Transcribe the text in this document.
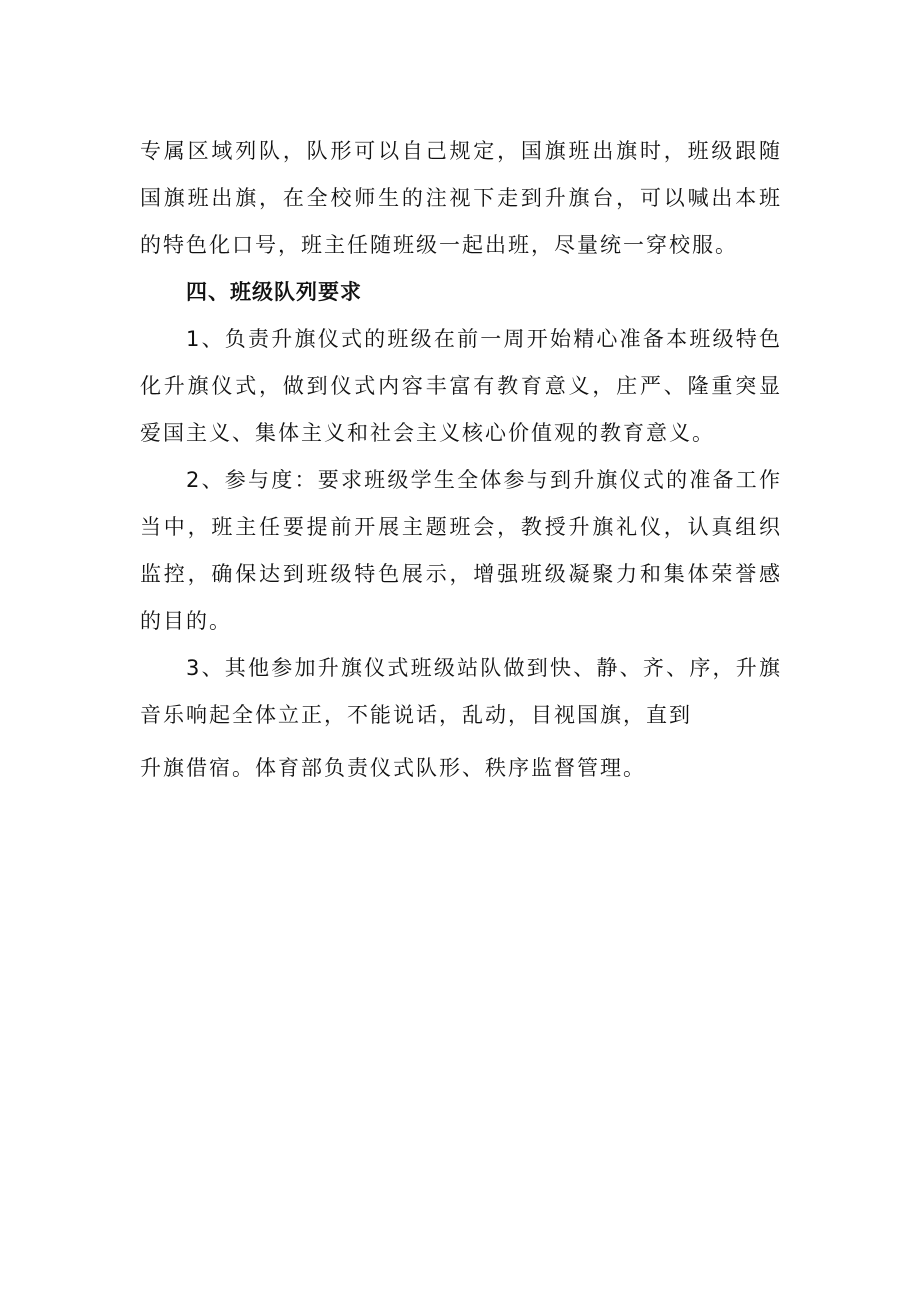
专属区域列队，队形可以自己规定，国旗班出旗时，班级跟随国旗班出旗，在全校师生的注视下走到升旗台，可以喊出本班的特色化口号，班主任随班级一起出班，尽量统一穿校服。

四、班级队列要求

1、负责升旗仪式的班级在前一周开始精心准备本班级特色化升旗仪式，做到仪式内容丰富有教育意义，庄严、隆重突显爱国主义、集体主义和社会主义核心价值观的教育意义。

2、参与度：要求班级学生全体参与到升旗仪式的准备工作当中，班主任要提前开展主题班会，教授升旗礼仪，认真组织监控，确保达到班级特色展示，增强班级凝聚力和集体荣誉感的目的。

3、其他参加升旗仪式班级站队做到快、静、齐、序，升旗音乐响起全体立正，不能说话，乱动，目视国旗，直到

升旗借宿。体育部负责仪式队形、秩序监督管理。
